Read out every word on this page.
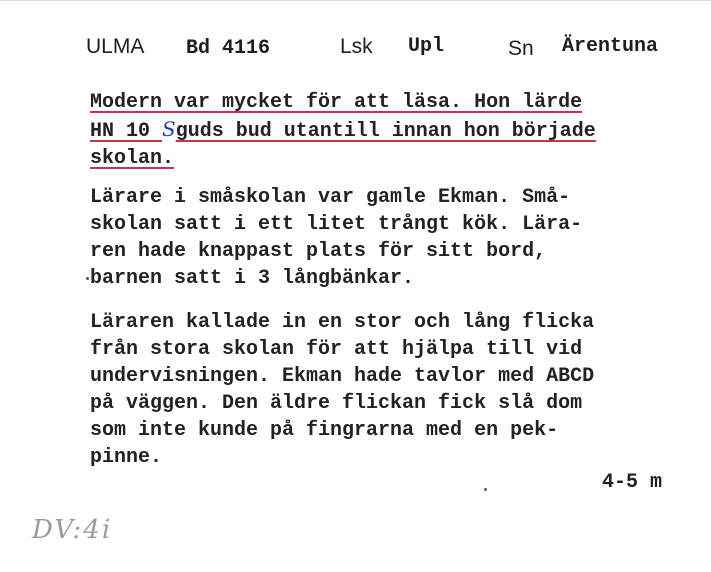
ULMA Bd 4116	Lsk Upl	Sn Ärentuna
Modern var mycket för att läsa. Hon lärde
HN 10 Sguds bud utantill innan hon började
skolan.
Lärare i småskolan var gamle Ekman. Små-
skolan satt i ett litet trångt kök. Lära-
ren hade knappast plats för sitt bord,
barnen satt i 3 långbänkar.
Läraren kallade in en stor och lång flicka
från stora skolan för att hjälpa till vid
undervisningen. Ekman hade tavlor med ABCD
på väggen. Den äldre flickan fick slå dom
som inte kunde på fingrarna med en pek-
pinne.
4-5 m
DV:4i
